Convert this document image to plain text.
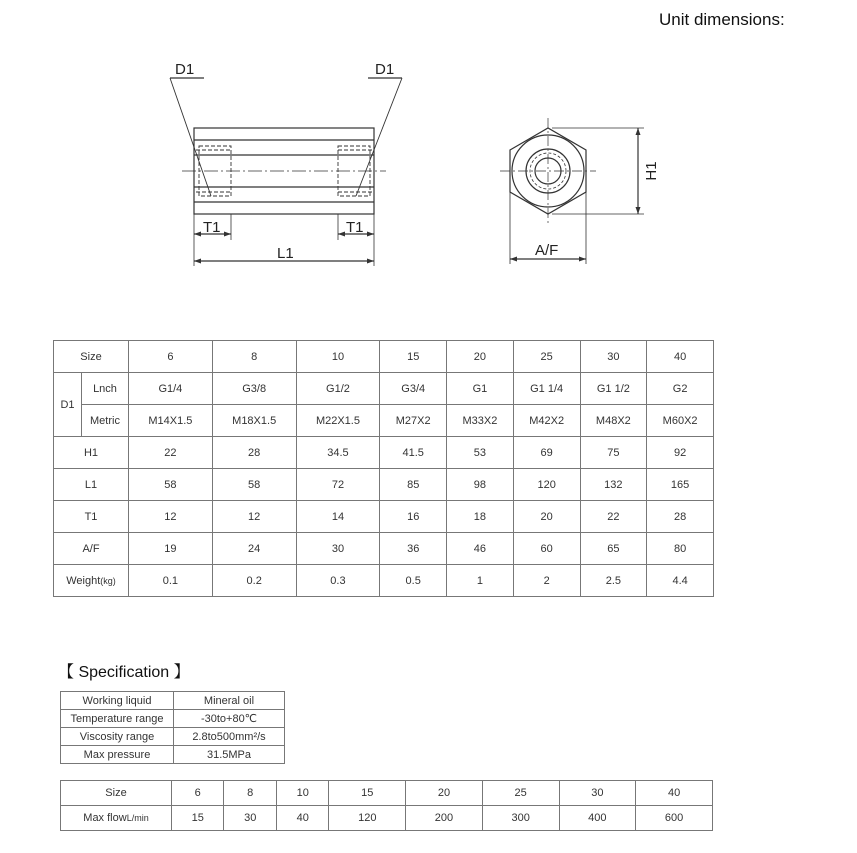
Unit dimensions:
D1	D1
T1	T1
L1	A/F
H1
Size		6	8	10	15	20	25	30	40
D1	Lnch	G1/4	G3/8	G1/2	G3/4	G1	G1 1/4	G1 1/2	G2
	Metric	M14X1.5	M18X1.5	M22X1.5	M27X2	M33X2	M42X2	M48X2	M60X2
H1		22	28	34.5	41.5	53	69	75	92
L1		58	58	72	85	98	120	132	165
T1		12	12	14	16	18	20	22	28
A/F		19	24	30	36	46	60	65	80
Weight(kg)		0.1	0.2	0.3	0.5	1	2	2.5	4.4
【 Specification 】
Working liquid	Mineral oil
Temperature range	-30to+80℃
Viscosity range	2.8to500mm²/s
Max pressure	31.5MPa
Size	6	8	10	15	20	25	30	40
Max flowL/min	15	30	40	120	200	300	400	600
